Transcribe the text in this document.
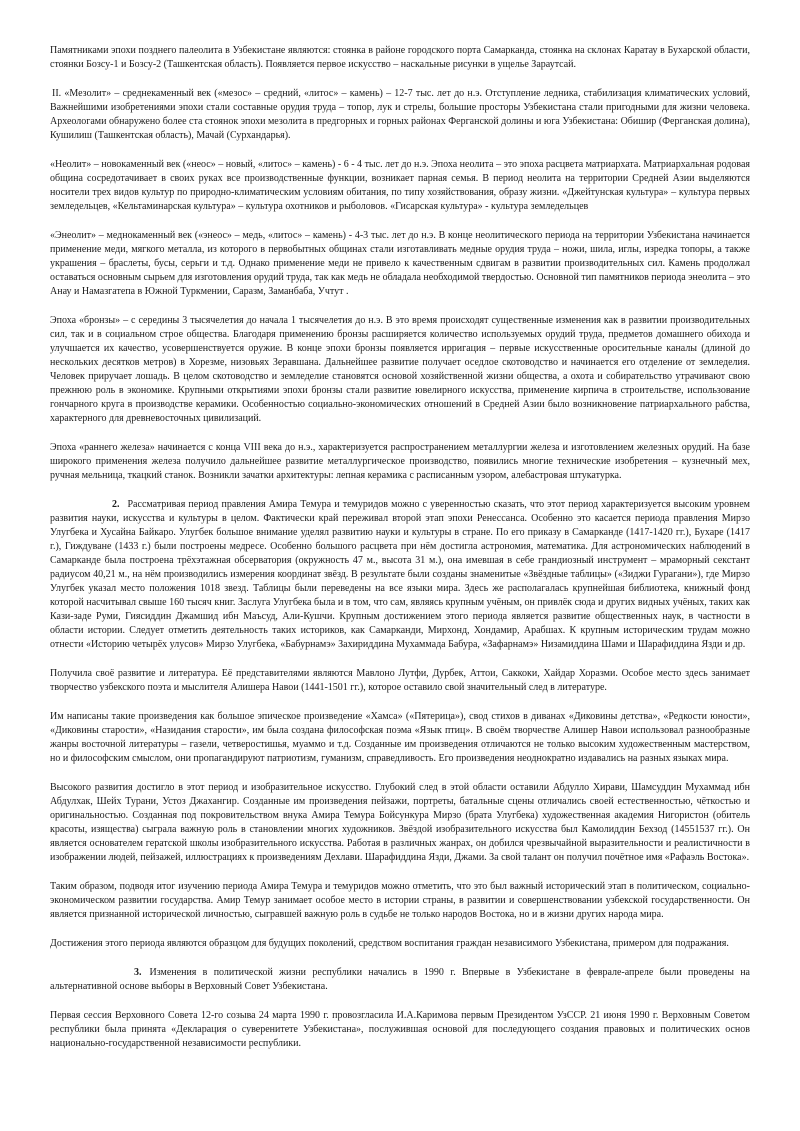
Памятниками эпохи позднего палеолита в Узбекистане являются: стоянка в районе городского порта Самарканда, стоянка на склонах Каратау в Бухарской области, стоянки Бозсу-1 и Бозсу-2 (Ташкентская область). Появляется первое искусство – наскальные рисунки в ущелье Зараутсай.

II. «Мезолит» – среднекаменный век («мезос» – средний, «литос» – камень) – 12-7 тыс. лет до н.э. Отступление ледника, стабилизация климатических условий, Важнейшими изобретениями эпохи стали составные орудия труда – топор, лук и стрелы, большие просторы Узбекистана стали пригодными для жизни человека. Археологами обнаружено более ста стоянок эпохи мезолита в предгорных и горных районах Ферганской долины и юга Узбекистана: Обишир (Ферганская долина), Кушилиш (Ташкентская область), Мачай (Сурхандарья).

«Неолит» – новокаменный век («неос» – новый, «литос» – камень) - 6 - 4 тыс. лет до н.э. Эпоха неолита – это эпоха расцвета матриархата. Матриархальная родовая община сосредотачивает в своих руках все производственные функции, возникает парная семья. В период неолита на территории Средней Азии выделяются носители трех видов культур по природно-климатическим условиям обитания, по типу хозяйствования, образу жизни. «Джейтунская культура» – культура первых земледельцев, «Кельтаминарская культура» – культура охотников и рыболовов. «Гисарская культура» - культура земледельцев

«Энеолит» – меднокаменный век («энеос» – медь, «литос» – камень) - 4-3 тыс. лет до н.э. В конце неолитического периода на территории Узбекистана начинается применение меди, мягкого металла, из которого в первобытных общинах стали изготавливать медные орудия труда – ножи, шила, иглы, изредка топоры, а также украшения – браслеты, бусы, серьги и т.д. Однако применение меди не привело к качественным сдвигам в развитии производительных сил. Камень продолжал оставаться основным сырьем для изготовления орудий труда, так как медь не обладала необходимой твердостью. Основной тип памятников периода энеолита – это Анау и Намазгатепа в Южной Туркмении, Саразм, Заманбаба, Учтут .

Эпоха «бронзы» – с середины 3 тысячелетия до начала 1 тысячелетия до н.э. В это время происходят существенные изменения как в развитии производительных сил, так и в социальном строе общества. Благодаря применению бронзы расширяется количество используемых орудий труда, предметов домашнего обихода и улучшается их качество, усовершенствуется оружие. В конце эпохи бронзы появляется ирригация – первые искусственные оросительные каналы (длиной до нескольких десятков метров) в Хорезме, низовьях Зеравшана. Дальнейшее развитие получает оседлое скотоводство и начинается его отделение от земледелия. Человек приручает лошадь. В целом скотоводство и земледелие становятся основой хозяйственной жизни общества, а охота и собирательство утрачивают свою прежнюю роль в экономике. Крупными открытиями эпохи бронзы стали развитие ювелирного искусства, применение кирпича в строительстве, использование гончарного круга в производстве керамики. Особенностью социально-экономических отношений в Средней Азии было возникновение патриархального рабства, характерного для древневосточных цивилизаций.

Эпоха «раннего железа» начинается с конца VIII века до н.э., характеризуется распространением металлургии железа и изготовлением железных орудий. На базе широкого применения железа получило дальнейшее развитие металлургическое производство, появились многие технические изобретения – кузнечный мех, ручная мельница, ткацкий станок. Возникли зачатки архитектуры: лепная керамика с расписанным узором, алебастровая штукатурка.

2. Рассматривая период правления Амира Темура и темуридов можно с уверенностью сказать, что этот период характеризуется высоким уровнем развития науки, искусства и культуры в целом. Фактически край переживал второй этап эпохи Ренессанса. Особенно это касается периода правления Мирзо Улугбека и Хусайна Байкаро. Улугбек большое внимание уделял развитию науки и культуры в стране. По его приказу в Самарканде (1417-1420 гг.), Бухаре (1417 г.), Гиждуване (1433 г.) были построены медресе. Особенно большого расцвета при нём достигла астрономия, математика. Для астрономических наблюдений в Самарканде была построена трёхэтажная обсерватория (окружность 47 м., высота 31 м.), она имевшая в себе грандиозный инструмент – мраморный секстант радиусом 40,21 м., на нём производились измерения координат звёзд. В результате были созданы знаменитые «Звёздные таблицы» («Зиджи Гурагани»), где Мирзо Улугбек указал место положения 1018 звезд. Таблицы были переведены на все языки мира. Здесь же располагалась крупнейшая библиотека, книжный фонд которой насчитывал свыше 160 тысяч книг. Заслуга Улугбека была и в том, что сам, являясь крупным учёным, он привлёк сюда и других видных учёных, таких как Кази-заде Руми, Гиясиддин Джамшид ибн Маъсуд, Али-Кушчи. Крупным достижением этого периода является развитие общественных наук, в частности в области истории. Следует отметить деятельность таких историков, как Самарканди, Мирхонд, Хондамир, Арабшах. К крупным историческим трудам можно отнести «Историю четырёх улусов» Мирзо Улугбека, «Бабурнамэ» Захириддина Мухаммада Бабура, «Зафарнамэ» Низамиддина Шами и Шарафиддина Язди и др.

Получила своё развитие и литература. Её представителями являются Мавлоно Лутфи, Дурбек, Аттои, Саккоки, Хайдар Хоразми. Особое место здесь занимает творчество узбекского поэта и мыслителя Алишера Навои (1441-1501 гг.), которое оставило свой значительный след в литературе.

Им написаны такие произведения как большое эпическое произведение «Хамса» («Пятерица»), свод стихов в диванах «Диковины детства», «Редкости юности», «Диковины старости», «Назидания старости», им была создана философская поэма «Язык птиц». В своём творчестве Алишер Навои использовал разнообразные жанры восточной литературы – газели, четверостишья, муаммо и т.д. Созданные им произведения отличаются не только высоким художественным мастерством, но и философским смыслом, они пропагандируют патриотизм, гуманизм, справедливость. Его произведения неоднократно издавались на разных языках мира.

Высокого развития достигло в этот период и изобразительное искусство. Глубокий след в этой области оставили Абдулло Хирави, Шамсуддин Мухаммад ибн Абдулхак, Шейх Турани, Устоз Джахангир. Созданные им произведения пейзажи, портреты, батальные сцены отличались своей естественностью, чёткостью и оригинальностью. Созданная под покровительством внука Амира Темура Бойсункура Мирзо (брата Улугбека) художественная академия Нигористон (обитель красоты, изящества) сыграла важную роль в становлении многих художников. Звёздой изобразительного искусства был Камолиддин Бехзод (14551537 гг.). Он является основателем гератской школы изобразительного искусства. Работая в различных жанрах, он добился чрезвычайной выразительности и реалистичности в изображении людей, пейзажей, иллюстрациях к произведениям Дехлави. Шарафиддина Язди, Джами. За свой талант он получил почётное имя «Рафаэль Востока».

Таким образом, подводя итог изучению периода Амира Темура и темуридов можно отметить, что это был важный исторический этап в политическом, социально-экономическом развитии государства. Амир Темур занимает особое место в истории страны, в развитии и совершенствовании узбекской государственности. Он является признанной исторической личностью, сыгравшей важную роль в судьбе не только народов Востока, но и в жизни других народа мира.

Достижения этого периода являются образцом для будущих поколений, средством воспитания граждан независимого Узбекистана, примером для подражания.

3. Изменения в политической жизни республики начались в 1990 г. Впервые в Узбекистане в феврале-апреле были проведены на альтернативной основе выборы в Верховный Совет Узбекистана.

Первая сессия Верховного Совета 12-го созыва 24 марта 1990 г. провозгласила И.А.Каримова первым Президентом УзССР. 21 июня 1990 г. Верховным Советом республики была принята «Декларация о суверенитете Узбекистана», послужившая основой для последующего создания правовых и политических основ национально-государственной независимости республики.
